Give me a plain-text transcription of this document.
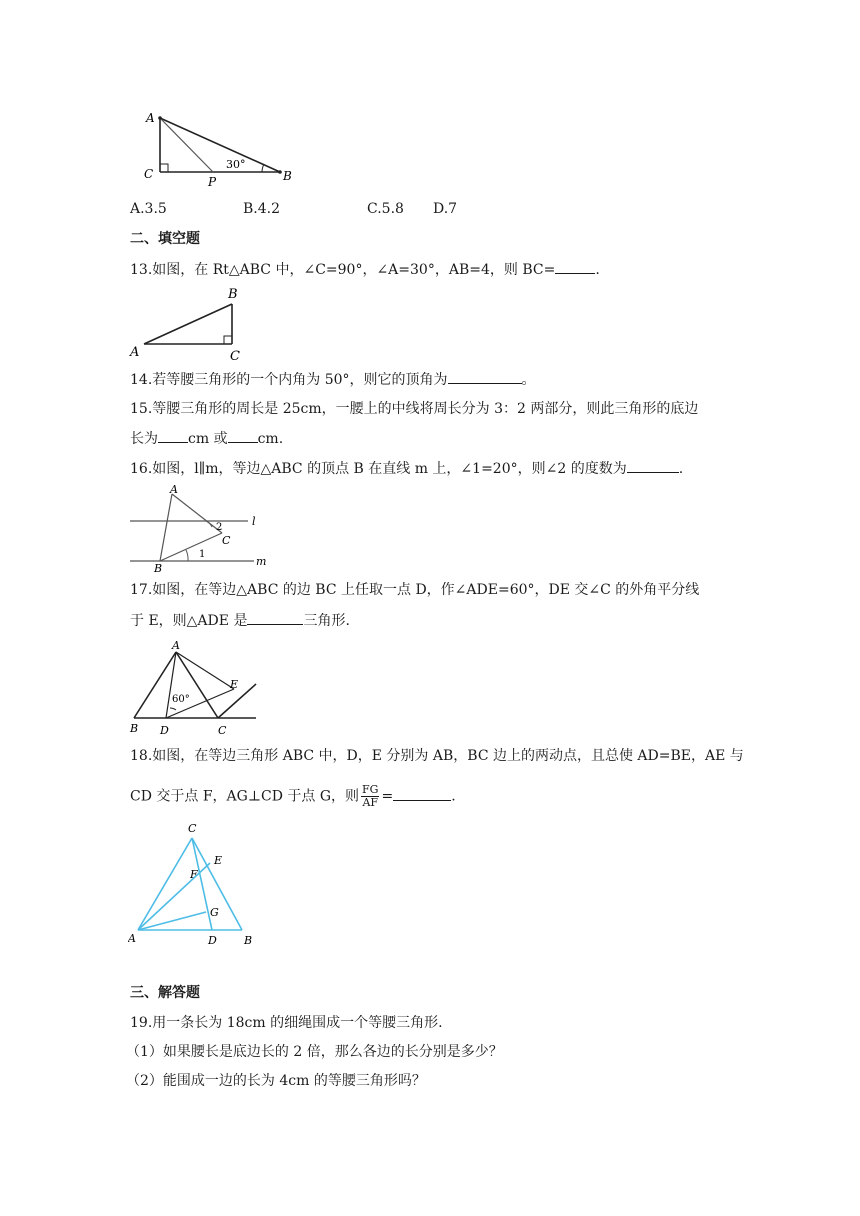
A
C
P	B
30°
A.3.5	B.4.2	C.5.8 D.7
二、填空题
13.如图，在 Rt△ABC 中，∠C=90°，∠A=30°，AB=4，则 BC=	.
A
B
C
14.若等腰三角形的一个内角为 50°，则它的顶角为	。
15.等腰三角形的周长是 25cm，一腰上的中线将周长分为 3：2 两部分，则此三角形的底边
长为 cm 或 cm.
16.如图，l∥m，等边△ABC 的顶点 B 在直线 m 上，∠1=20°，则∠2 的度数为	.
A
B
C
l
m
1
2
17.如图，在等边△ABC 的边 BC 上任取一点 D，作∠ADE=60°，DE 交∠C 的外角平分线
于 E，则△ADE 是	三角形.
A
B D	C
E
60°
18.如图，在等边三角形 ABC 中，D，E 分别为 AB，BC 边上的两动点，且总使 AD=BE，AE 与
CD 交于点 F，AG⊥CD 于点 G，则 $\frac{FG}{AF}$ =	.
C
A	D B
E
F
G
三、解答题
19.用一条长为 18cm 的细绳围成一个等腰三角形.
（1）如果腰长是底边长的 2 倍，那么各边的长分别是多少？
（2）能围成一边的长为 4cm 的等腰三角形吗？
